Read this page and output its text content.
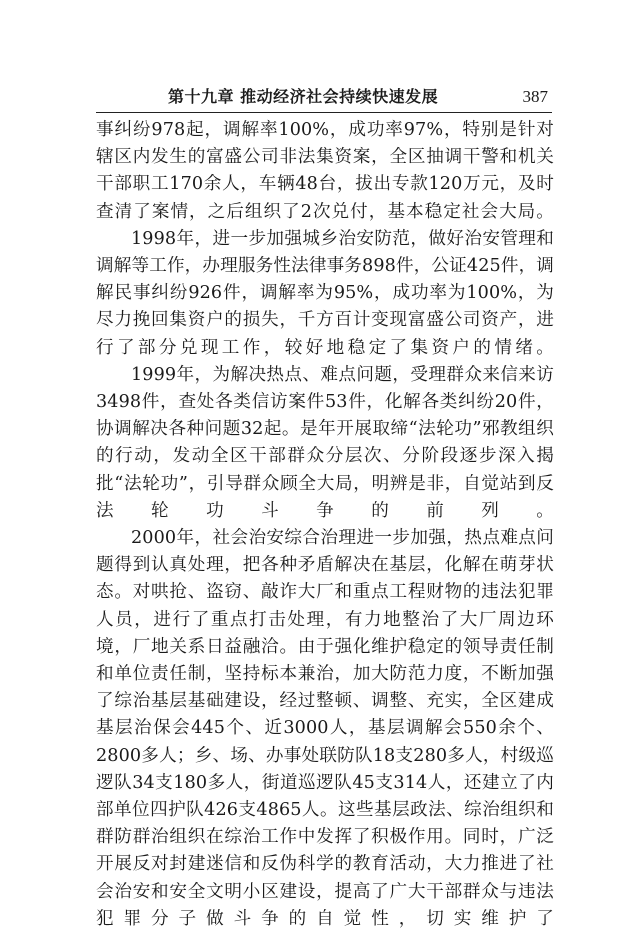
第十九章 推动经济社会持续快速发展	387

事纠纷978起，调解率100%，成功率97%，特别是针对辖区内发生的富盛公司非法集资案，全区抽调干警和机关干部职工170余人，车辆48台，拔出专款120万元，及时查清了案情，之后组织了2次兑付，基本稳定社会大局。

1998年，进一步加强城乡治安防范，做好治安管理和调解等工作，办理服务性法律事务898件，公证425件，调解民事纠纷926件，调解率为95%，成功率为100%，为尽力挽回集资户的损失，千方百计变现富盛公司资产，进行了部分兑现工作，较好地稳定了集资户的情绪。

1999年，为解决热点、难点问题，受理群众来信来访3498件，查处各类信访案件53件，化解各类纠纷20件，协调解决各种问题32起。是年开展取缔“法轮功”邪教组织的行动，发动全区干部群众分层次、分阶段逐步深入揭批“法轮功”，引导群众顾全大局，明辨是非，自觉站到反法轮功斗争的前列。

2000年，社会治安综合治理进一步加强，热点难点问题得到认真处理，把各种矛盾解决在基层，化解在萌芽状态。对哄抢、盗窃、敲诈大厂和重点工程财物的违法犯罪人员，进行了重点打击处理，有力地整治了大厂周边环境，厂地关系日益融洽。由于强化维护稳定的领导责任制和单位责任制，坚持标本兼治，加大防范力度，不断加强了综治基层基础建设，经过整顿、调整、充实，全区建成基层治保会445个、近3000人，基层调解会550余个、2800多人；乡、场、办事处联防队18支280多人，村级巡逻队34支180多人，街道巡逻队45支314人，还建立了内部单位四护队426支4865人。这些基层政法、综治组织和群防群治组织在综治工作中发挥了积极作用。同时，广泛开展反对封建迷信和反伪科学的教育活动，大力推进了社会治安和安全文明小区建设，提高了广大干部群众与违法犯罪分子做斗争的自觉性，切实维护了
